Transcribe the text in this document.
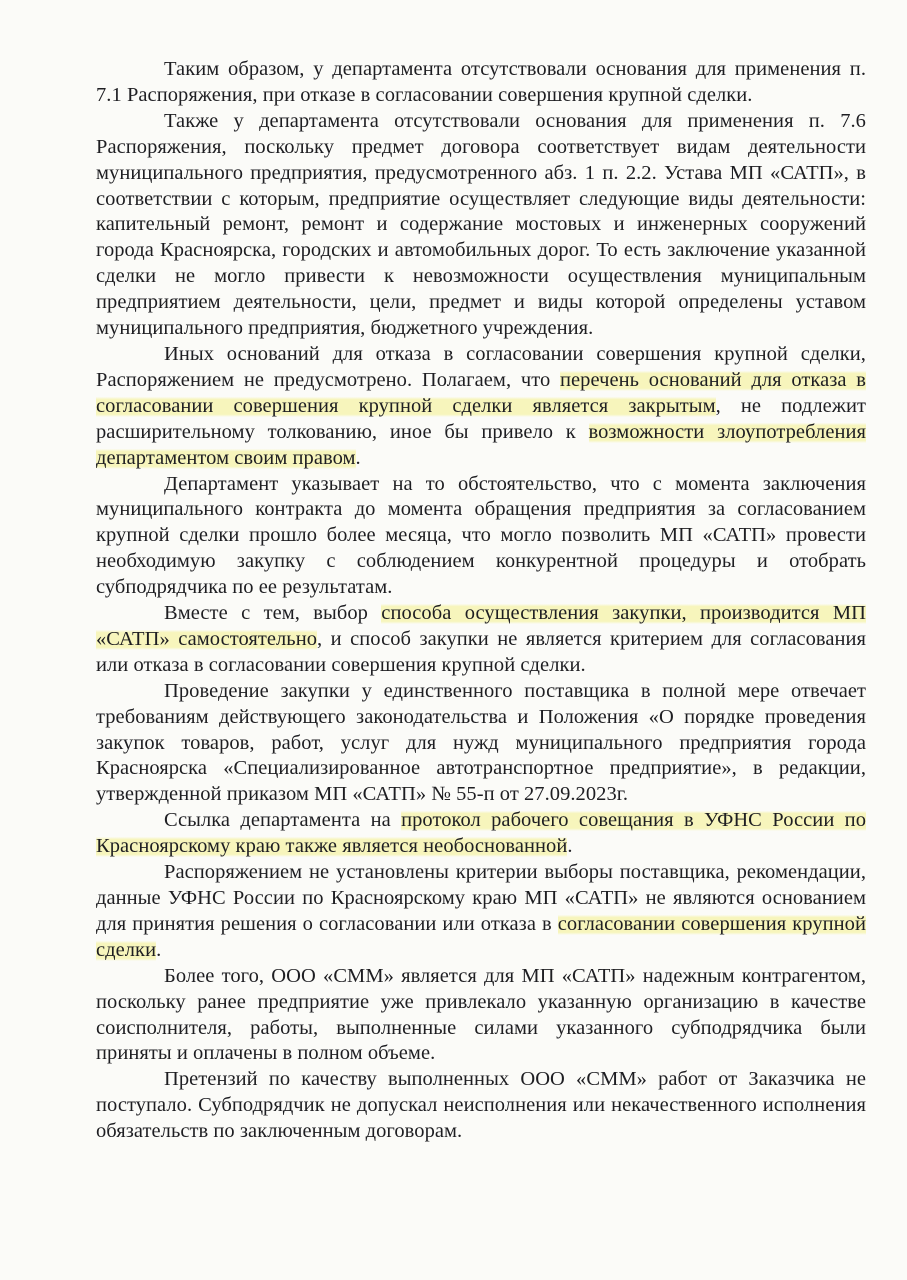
Таким образом, у департамента отсутствовали основания для применения п. 7.1 Распоряжения, при отказе в согласовании совершения крупной сделки.

Также у департамента отсутствовали основания для применения п. 7.6 Распоряжения, поскольку предмет договора соответствует видам деятельности муниципального предприятия, предусмотренного абз. 1 п. 2.2. Устава МП «САТП», в соответствии с которым, предприятие осуществляет следующие виды деятельности: капительный ремонт, ремонт и содержание мостовых и инженерных сооружений города Красноярска, городских и автомобильных дорог. То есть заключение указанной сделки не могло привести к невозможности осуществления муниципальным предприятием деятельности, цели, предмет и виды которой определены уставом муниципального предприятия, бюджетного учреждения.

Иных оснований для отказа в согласовании совершения крупной сделки, Распоряжением не предусмотрено. Полагаем, что перечень оснований для отказа в согласовании совершения крупной сделки является закрытым, не подлежит расширительному толкованию, иное бы привело к возможности злоупотребления департаментом своим правом.

Департамент указывает на то обстоятельство, что с момента заключения муниципального контракта до момента обращения предприятия за согласованием крупной сделки прошло более месяца, что могло позволить МП «САТП» провести необходимую закупку с соблюдением конкурентной процедуры и отобрать субподрядчика по ее результатам.

Вместе с тем, выбор способа осуществления закупки, производится МП «САТП» самостоятельно, и способ закупки не является критерием для согласования или отказа в согласовании совершения крупной сделки.

Проведение закупки у единственного поставщика в полной мере отвечает требованиям действующего законодательства и Положения «О порядке проведения закупок товаров, работ, услуг для нужд муниципального предприятия города Красноярска «Специализированное автотранспортное предприятие», в редакции, утвержденной приказом МП «САТП» № 55-п от 27.09.2023г.

Ссылка департамента на протокол рабочего совещания в УФНС России по Красноярскому краю также является необоснованной.

Распоряжением не установлены критерии выборы поставщика, рекомендации, данные УФНС России по Красноярскому краю МП «САТП» не являются основанием для принятия решения о согласовании или отказа в согласовании совершения крупной сделки.

Более того, ООО «СММ» является для МП «САТП» надежным контрагентом, поскольку ранее предприятие уже привлекало указанную организацию в качестве соисполнителя, работы, выполненные силами указанного субподрядчика были приняты и оплачены в полном объеме.

Претензий по качеству выполненных ООО «СММ» работ от Заказчика не поступало. Субподрядчик не допускал неисполнения или некачественного исполнения обязательств по заключенным договорам.
